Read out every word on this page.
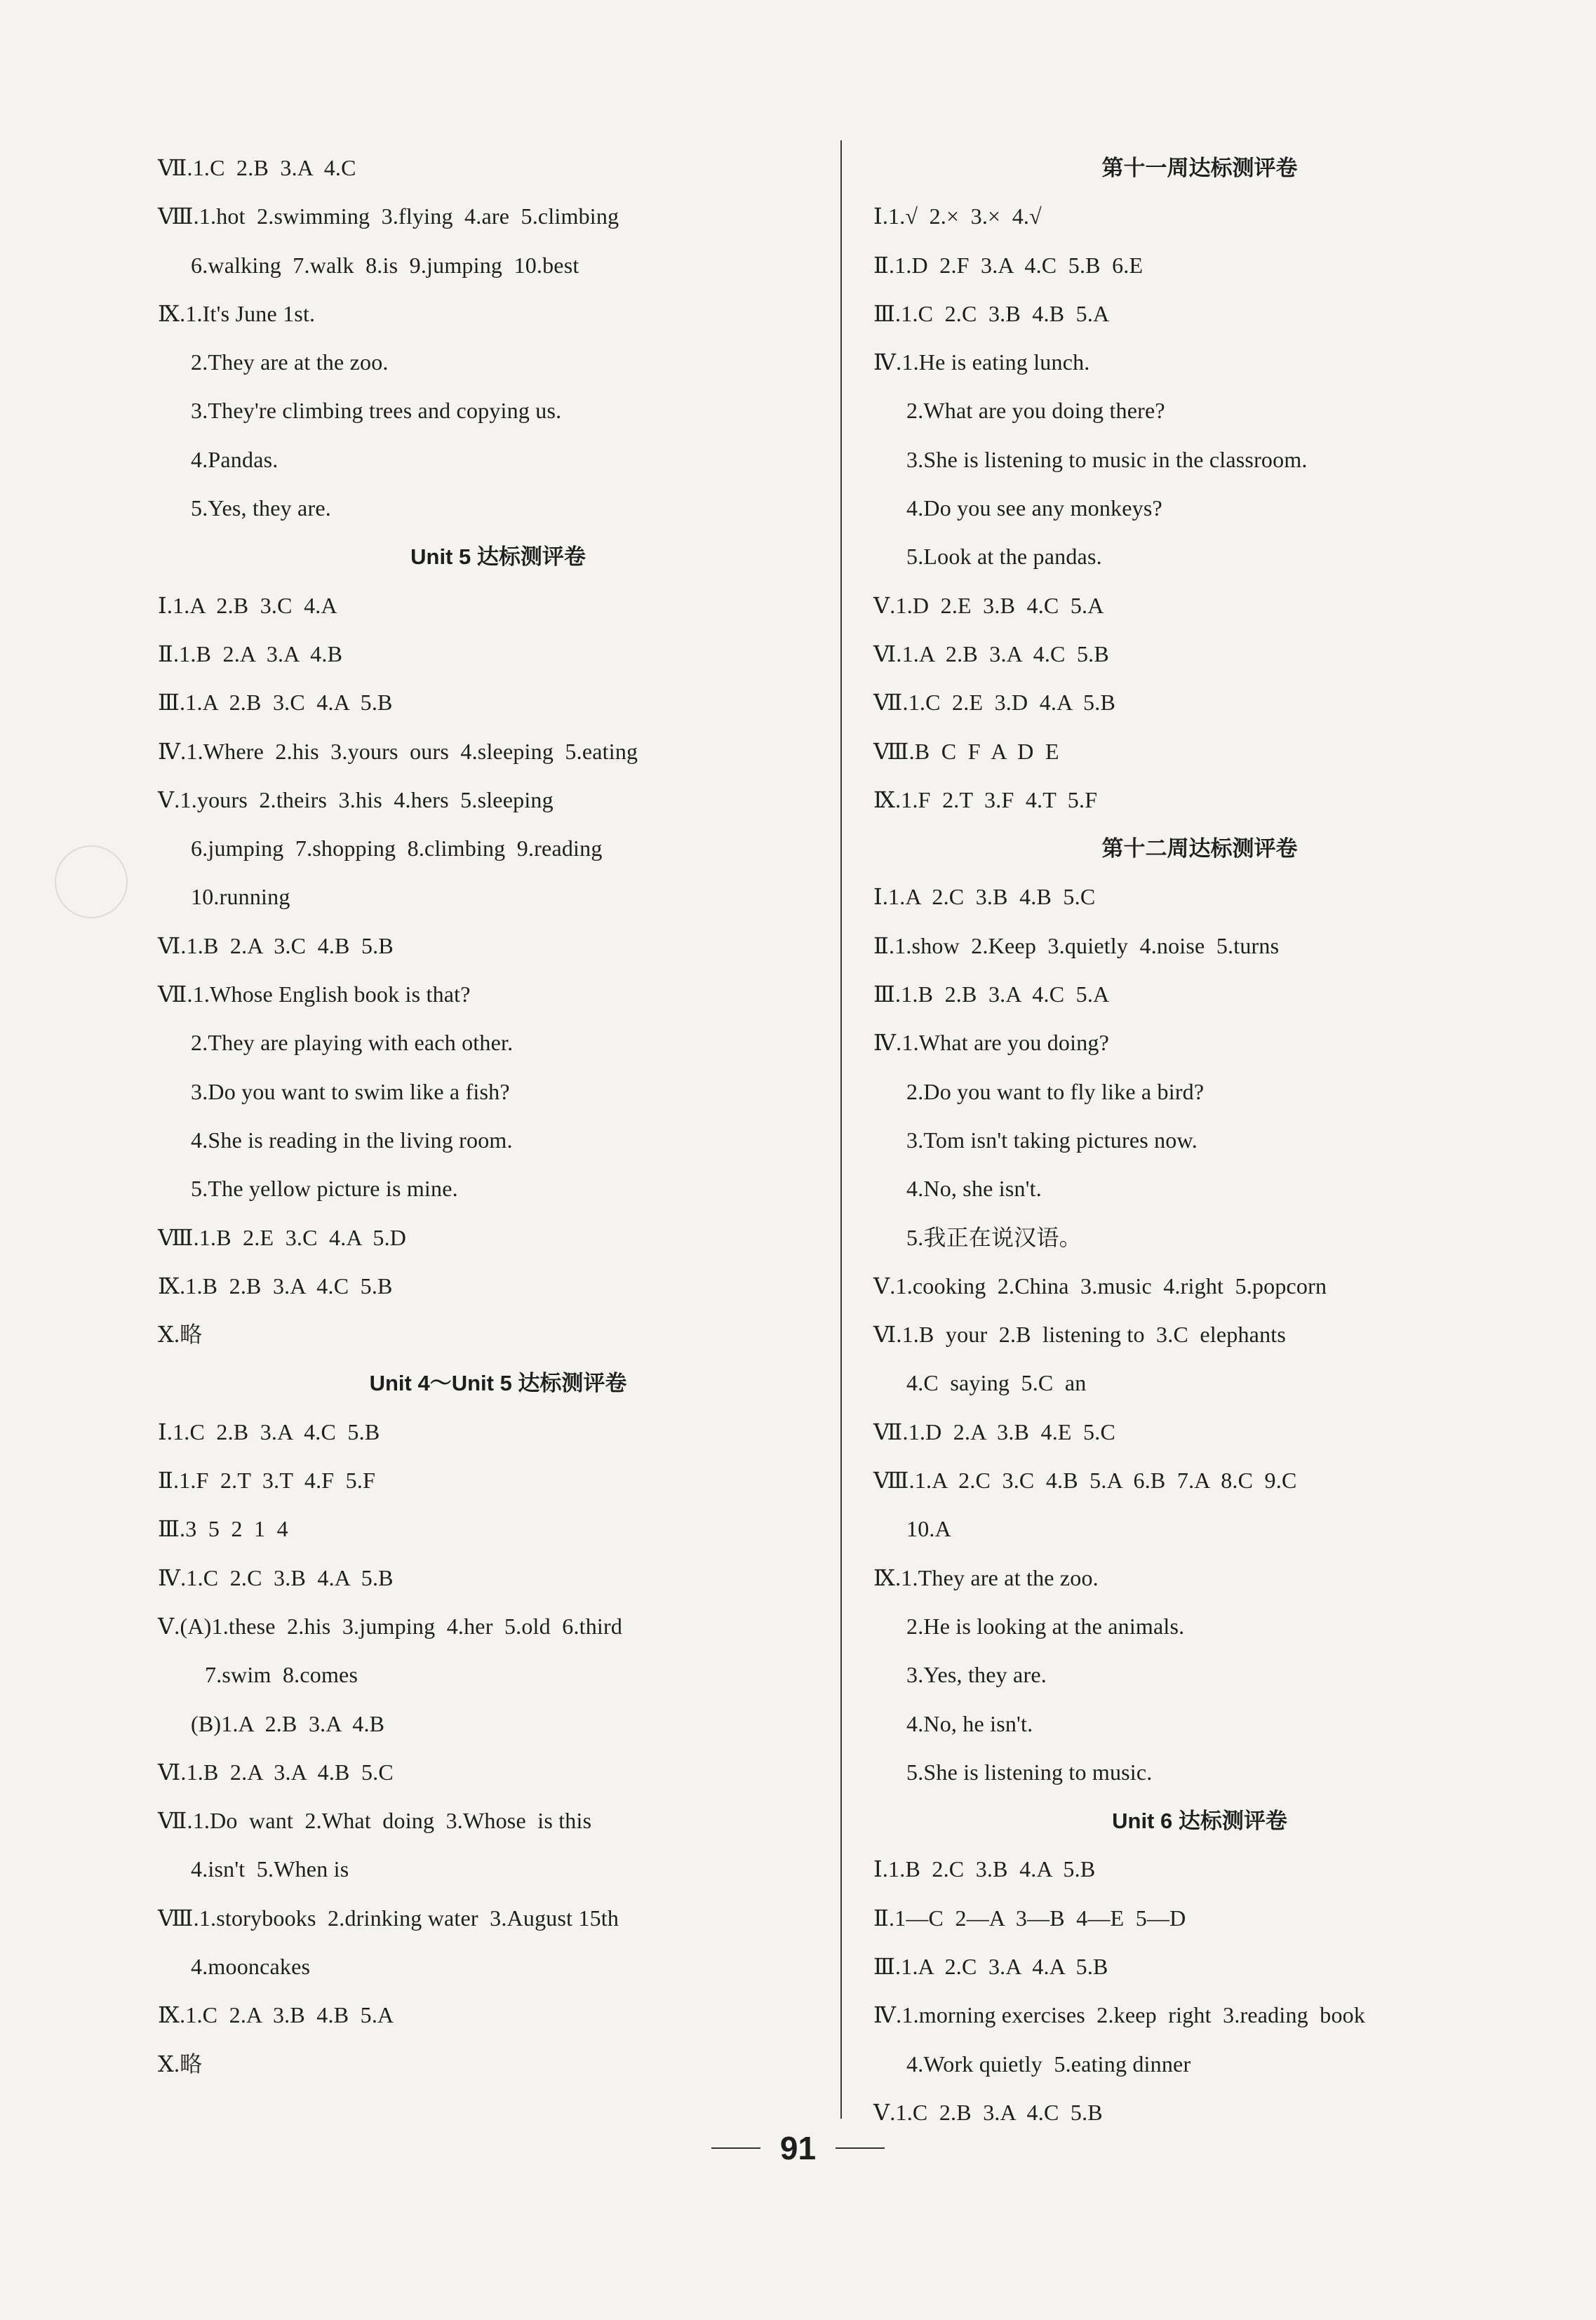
Ⅶ.1.C  2.B  3.A  4.C
Ⅷ.1.hot  2.swimming  3.flying  4.are  5.climbing
6.walking  7.walk  8.is  9.jumping  10.best
Ⅸ.1.It's June 1st.
2.They are at the zoo.
3.They're climbing trees and copying us.
4.Pandas.
5.Yes, they are.
Unit 5 达标测评卷
Ⅰ.1.A  2.B  3.C  4.A
Ⅱ.1.B  2.A  3.A  4.B
Ⅲ.1.A  2.B  3.C  4.A  5.B
Ⅳ.1.Where  2.his  3.yours  ours  4.sleeping  5.eating
Ⅴ.1.yours  2.theirs  3.his  4.hers  5.sleeping
6.jumping  7.shopping  8.climbing  9.reading
10.running
Ⅵ.1.B  2.A  3.C  4.B  5.B
Ⅶ.1.Whose English book is that?
2.They are playing with each other.
3.Do you want to swim like a fish?
4.She is reading in the living room.
5.The yellow picture is mine.
Ⅷ.1.B  2.E  3.C  4.A  5.D
Ⅸ.1.B  2.B  3.A  4.C  5.B
Ⅹ.略
Unit 4～Unit 5 达标测评卷
Ⅰ.1.C  2.B  3.A  4.C  5.B
Ⅱ.1.F  2.T  3.T  4.F  5.F
Ⅲ.3  5  2  1  4
Ⅳ.1.C  2.C  3.B  4.A  5.B
Ⅴ.(A)1.these  2.his  3.jumping  4.her  5.old  6.third
7.swim  8.comes
(B)1.A  2.B  3.A  4.B
Ⅵ.1.B  2.A  3.A  4.B  5.C
Ⅶ.1.Do  want  2.What  doing  3.Whose  is this
4.isn't  5.When is
Ⅷ.1.storybooks  2.drinking water  3.August 15th
4.mooncakes
Ⅸ.1.C  2.A  3.B  4.B  5.A
Ⅹ.略
第十一周达标测评卷
Ⅰ.1.√  2.×  3.×  4.√
Ⅱ.1.D  2.F  3.A  4.C  5.B  6.E
Ⅲ.1.C  2.C  3.B  4.B  5.A
Ⅳ.1.He is eating lunch.
2.What are you doing there?
3.She is listening to music in the classroom.
4.Do you see any monkeys?
5.Look at the pandas.
Ⅴ.1.D  2.E  3.B  4.C  5.A
Ⅵ.1.A  2.B  3.A  4.C  5.B
Ⅶ.1.C  2.E  3.D  4.A  5.B
Ⅷ.B  C  F  A  D  E
Ⅸ.1.F  2.T  3.F  4.T  5.F
第十二周达标测评卷
Ⅰ.1.A  2.C  3.B  4.B  5.C
Ⅱ.1.show  2.Keep  3.quietly  4.noise  5.turns
Ⅲ.1.B  2.B  3.A  4.C  5.A
Ⅳ.1.What are you doing?
2.Do you want to fly like a bird?
3.Tom isn't taking pictures now.
4.No, she isn't.
5.我正在说汉语。
Ⅴ.1.cooking  2.China  3.music  4.right  5.popcorn
Ⅵ.1.B  your  2.B  listening to  3.C  elephants
4.C  saying  5.C  an
Ⅶ.1.D  2.A  3.B  4.E  5.C
Ⅷ.1.A  2.C  3.C  4.B  5.A  6.B  7.A  8.C  9.C
10.A
Ⅸ.1.They are at the zoo.
2.He is looking at the animals.
3.Yes, they are.
4.No, he isn't.
5.She is listening to music.
Unit 6 达标测评卷
Ⅰ.1.B  2.C  3.B  4.A  5.B
Ⅱ.1—C  2—A  3—B  4—E  5—D
Ⅲ.1.A  2.C  3.A  4.A  5.B
Ⅳ.1.morning exercises  2.keep  right  3.reading  book
4.Work quietly  5.eating dinner
Ⅴ.1.C  2.B  3.A  4.C  5.B
91
